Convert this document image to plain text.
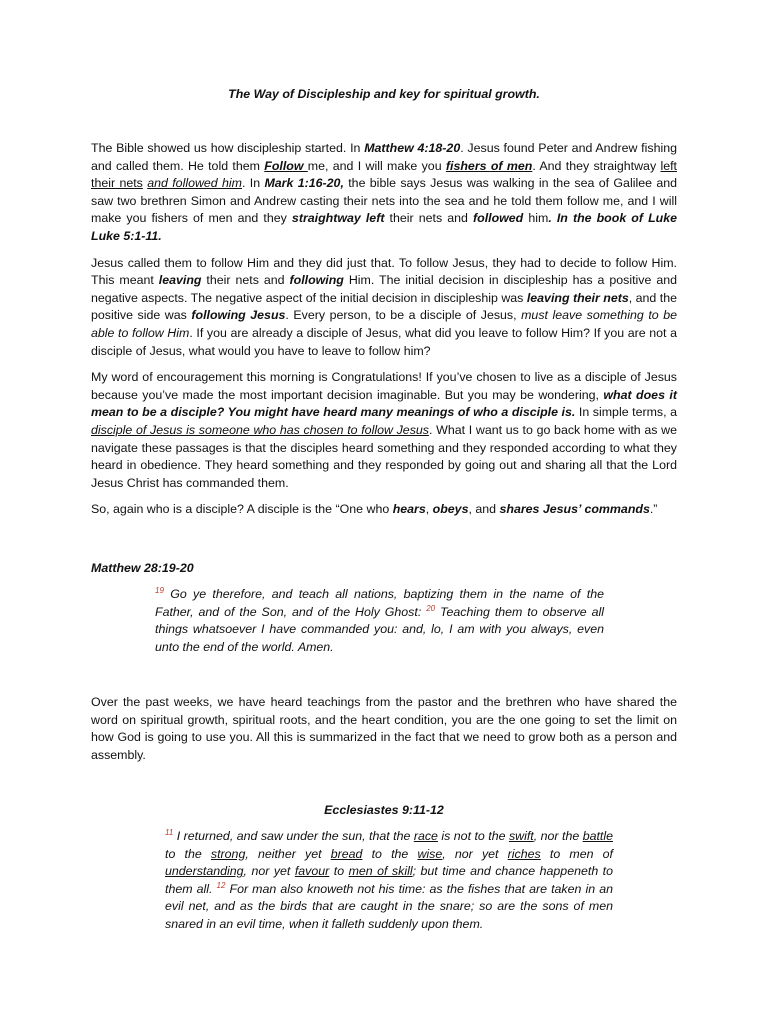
The Way of Discipleship and key for spiritual growth.

The Bible showed us how discipleship started. In Matthew 4:18-20. Jesus found Peter and Andrew fishing and called them. He told them Follow me, and I will make you fishers of men. And they straightway left their nets and followed him. In Mark 1:16-20, the bible says Jesus was walking in the sea of Galilee and saw two brethren Simon and Andrew casting their nets into the sea and he told them follow me, and I will make you fishers of men and they straightway left their nets and followed him. In the book of Luke Luke 5:1-11.

Jesus called them to follow Him and they did just that. To follow Jesus, they had to decide to follow Him. This meant leaving their nets and following Him. The initial decision in discipleship has a positive and negative aspects. The negative aspect of the initial decision in discipleship was leaving their nets, and the positive side was following Jesus. Every person, to be a disciple of Jesus, must leave something to be able to follow Him. If you are already a disciple of Jesus, what did you leave to follow Him? If you are not a disciple of Jesus, what would you have to leave to follow him?

My word of encouragement this morning is Congratulations! If you’ve chosen to live as a disciple of Jesus because you’ve made the most important decision imaginable. But you may be wondering, what does it mean to be a disciple? You might have heard many meanings of who a disciple is. In simple terms, a disciple of Jesus is someone who has chosen to follow Jesus. What I want us to go back home with as we navigate these passages is that the disciples heard something and they responded according to what they heard in obedience. They heard something and they responded by going out and sharing all that the Lord Jesus Christ has commanded them.

So, again who is a disciple? A disciple is the “One who hears, obeys, and shares Jesus’ commands.”

Matthew 28:19-20
$^{19}$ Go ye therefore, and teach all nations, baptizing them in the name of the Father, and of the Son, and of the Holy Ghost: $^{20}$ Teaching them to observe all things whatsoever I have commanded you: and, lo, I am with you always, even unto the end of the world. Amen.

Over the past weeks, we have heard teachings from the pastor and the brethren who have shared the word on spiritual growth, spiritual roots, and the heart condition, you are the one going to set the limit on how God is going to use you. All this is summarized in the fact that we need to grow both as a person and assembly.

Ecclesiastes 9:11-12
$^{11}$ I returned, and saw under the sun, that the race is not to the swift, nor the battle to the strong, neither yet bread to the wise, nor yet riches to men of understanding, nor yet favour to men of skill; but time and chance happeneth to them all. $^{12}$ For man also knoweth not his time: as the fishes that are taken in an evil net, and as the birds that are caught in the snare; so are the sons of men snared in an evil time, when it falleth suddenly upon them.
